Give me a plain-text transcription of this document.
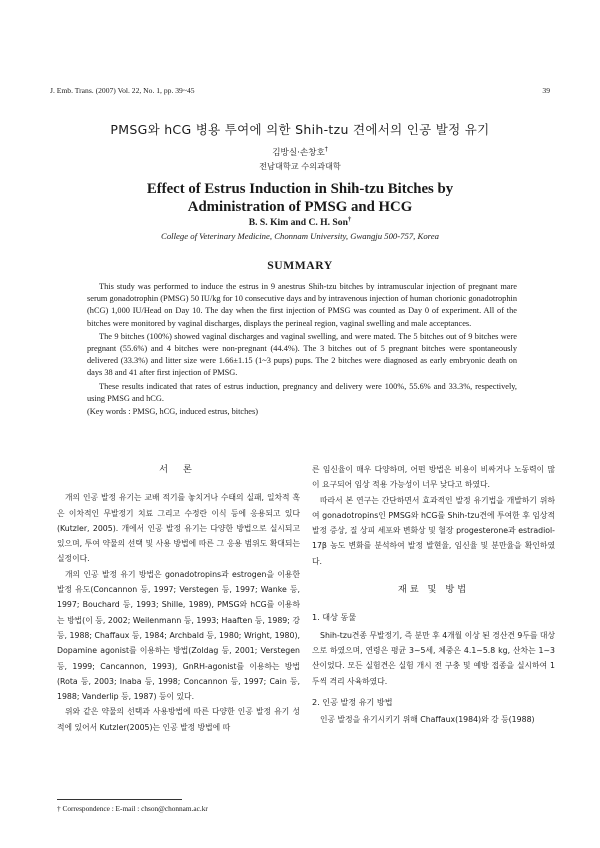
J. Emb. Trans. (2007) Vol. 22, No. 1, pp. 39~45	39
PMSG와 hCG 병용 투여에 의한 Shih-tzu 견에서의 인공 발정 유기
김방실·손창호†
전남대학교 수의과대학
Effect of Estrus Induction in Shih-tzu Bitches by
Administration of PMSG and HCG
B. S. Kim and C. H. Son†
College of Veterinary Medicine, Chonnam University, Gwangju 500-757, Korea
SUMMARY

This study was performed to induce the estrus in 9 anestrus Shih-tzu bitches by intramuscular injection of pregnant mare serum gonadotrophin (PMSG) 50 IU/kg for 10 consecutive days and by intravenous injection of human chorionic gonadotrophin (hCG) 1,000 IU/Head on Day 10. The day when the first injection of PMSG was counted as Day 0 of experiment. All of the bitches were monitored by vaginal discharges, displays the perineal region, vaginal swelling and male acceptances.

The 9 bitches (100%) showed vaginal discharges and vaginal swelling, and were mated. The 5 bitches out of 9 bitches were pregnant (55.6%) and 4 bitches were non-pregnant (44.4%). The 3 bitches out of 5 pregnant bitches were spontaneously delivered (33.3%) and litter size were 1.66±1.15 (1~3 pups) pups. The 2 bitches were diagnosed as early embryonic death on days 38 and 41 after first injection of PMSG.

These results indicated that rates of estrus induction, pregnancy and delivery were 100%, 55.6% and 33.3%, respectively, using PMSG and hCG.

(Key words : PMSG, hCG, induced estrus, bitches)

서 론

개의 인공 발정 유기는 교배 적기를 놓치거나 수태의 실패, 일차적 혹은 이차적인 무발정기 치료 그리고 수정란 이식 등에 응용되고 있다(Kutzler, 2005). 개에서 인공 발정 유기는 다양한 방법으로 실시되고 있으며, 투여 약물의 선택 및 사용 방법에 따른 그 응용 범위도 확대되는 실정이다.

개의 인공 발정 유기 방법은 gonadotropins과 estrogen을 이용한 발정 유도(Concannon 등, 1997; Verstegen 등, 1997; Wanke 등, 1997; Bouchard 등, 1993; Shille, 1989), PMSG와 hCG를 이용하는 방법(이 등, 2002; Weilenmann 등, 1993; Haaften 등, 1989; 강 등, 1988; Chaffaux 등, 1984; Archbald 등, 1980; Wright, 1980), Dopamine agonist를 이용하는 방법(Zoldag 등, 2001; Verstegen 등, 1999; Cancannon, 1993), GnRH-agonist를 이용하는 방법(Rota 등, 2003; Inaba 등, 1998; Concannon 등, 1997; Cain 등, 1988; Vanderlip 등, 1987) 등이 있다.

위와 같은 약물의 선택과 사용방법에 따른 다양한 인공 발정 유기 성적에 있어서 Kutzler(2005)는 인공 발정 방법에 따

른 임신율이 매우 다양하며, 어떤 방법은 비용이 비싸거나 노동력이 많이 요구되어 임상 적용 가능성이 너무 낮다고 하였다.

따라서 본 연구는 간단하면서 효과적인 발정 유기법을 개발하기 위하여 gonadotropins인 PMSG와 hCG를 Shih-tzu견에 투여한 후 임상적 발정 증상, 질 상피 세포와 변화상 및 혈장 progesterone과 estradiol-17β 농도 변화를 분석하여 발정 발현율, 임신율 및 분만율을 확인하였다.

재료 및 방법
1. 대상 동물

Shih-tzu견종 무발정기, 즉 분만 후 4개월 이상 된 경산견 9두를 대상으로 하였으며, 연령은 평균 3~5세, 체중은 4.1~5.8 kg, 산차는 1~3산이었다. 모든 실험견은 실험 개시 전 구충 및 예방 접종을 실시하여 1두씩 격리 사육하였다.

2. 인공 발정 유기 방법

인공 발정을 유기시키기 위해 Chaffaux(1984)와 강 등(1988)

† Correspondence : E-mail : chson@chonnam.ac.kr
